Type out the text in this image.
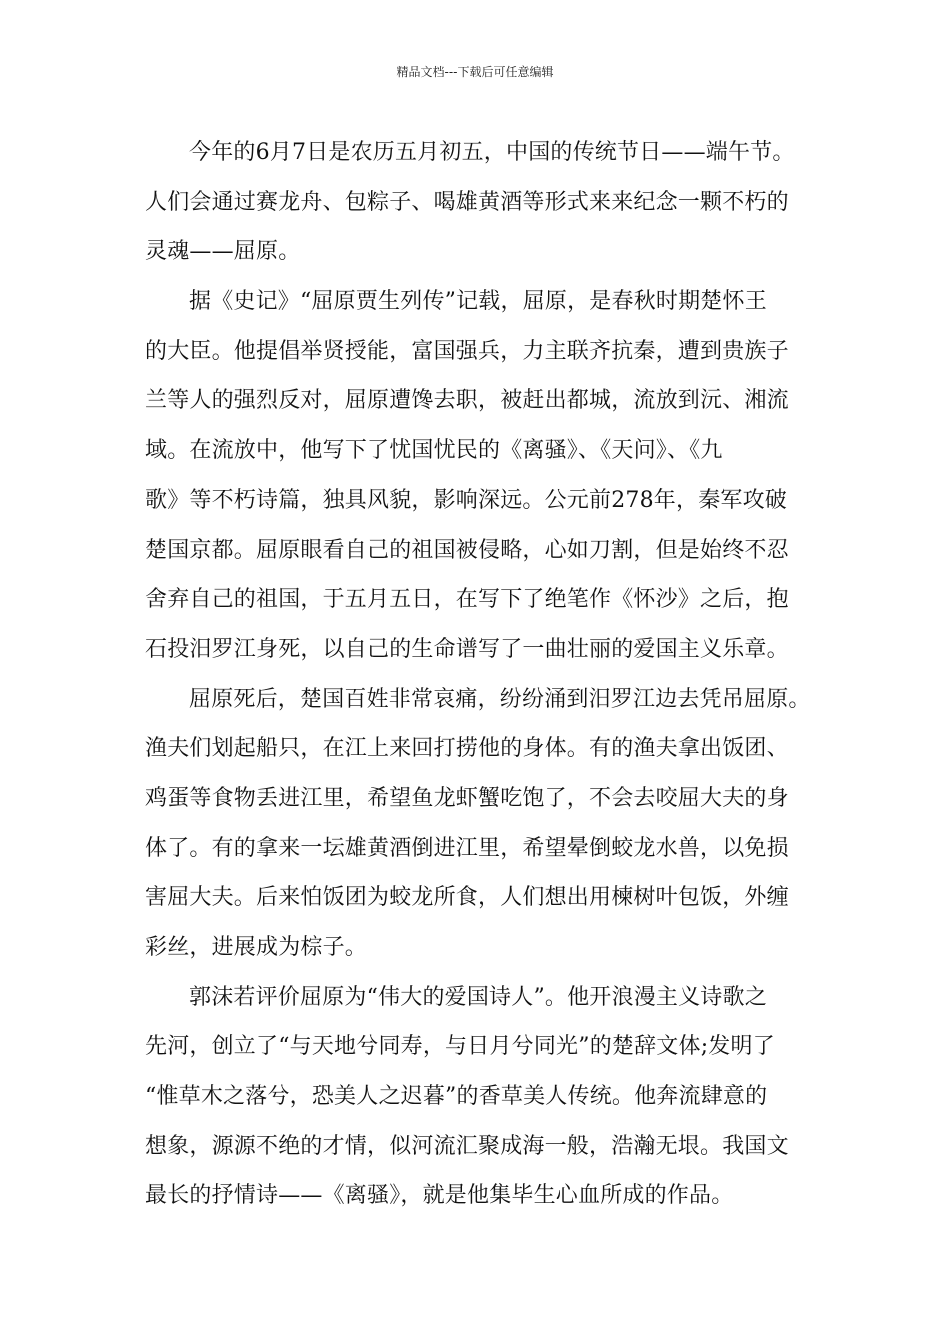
精品文档---下载后可任意编辑
今年的6月7日是农历五月初五，中国的传统节日——端午节。
人们会通过赛龙舟、包粽子、喝雄黄酒等形式来来纪念一颗不朽的
灵魂——屈原。
据《史记》“屈原贾生列传”记载，屈原，是春秋时期楚怀王
的大臣。他提倡举贤授能，富国强兵，力主联齐抗秦，遭到贵族子
兰等人的强烈反对，屈原遭馋去职，被赶出都城，流放到沅、湘流
域。在流放中，他写下了忧国忧民的《离骚》、《天问》、《九
歌》等不朽诗篇，独具风貌，影响深远。公元前278年，秦军攻破
楚国京都。屈原眼看自己的祖国被侵略，心如刀割，但是始终不忍
舍弃自己的祖国，于五月五日，在写下了绝笔作《怀沙》之后，抱
石投汨罗江身死，以自己的生命谱写了一曲壮丽的爱国主义乐章。
屈原死后，楚国百姓非常哀痛，纷纷涌到汨罗江边去凭吊屈原。
渔夫们划起船只，在江上来回打捞他的身体。有的渔夫拿出饭团、
鸡蛋等食物丢进江里，希望鱼龙虾蟹吃饱了，不会去咬屈大夫的身
体了。有的拿来一坛雄黄酒倒进江里，希望晕倒蛟龙水兽，以免损
害屈大夫。后来怕饭团为蛟龙所食，人们想出用楝树叶包饭，外缠
彩丝，进展成为棕子。
郭沫若评价屈原为“伟大的爱国诗人”。他开浪漫主义诗歌之
先河，创立了“与天地兮同寿，与日月兮同光”的楚辞文体;发明了
“惟草木之落兮，恐美人之迟暮”的香草美人传统。他奔流肆意的
想象，源源不绝的才情，似河流汇聚成海一般，浩瀚无垠。我国文
最长的抒情诗——《离骚》，就是他集毕生心血所成的作品。
